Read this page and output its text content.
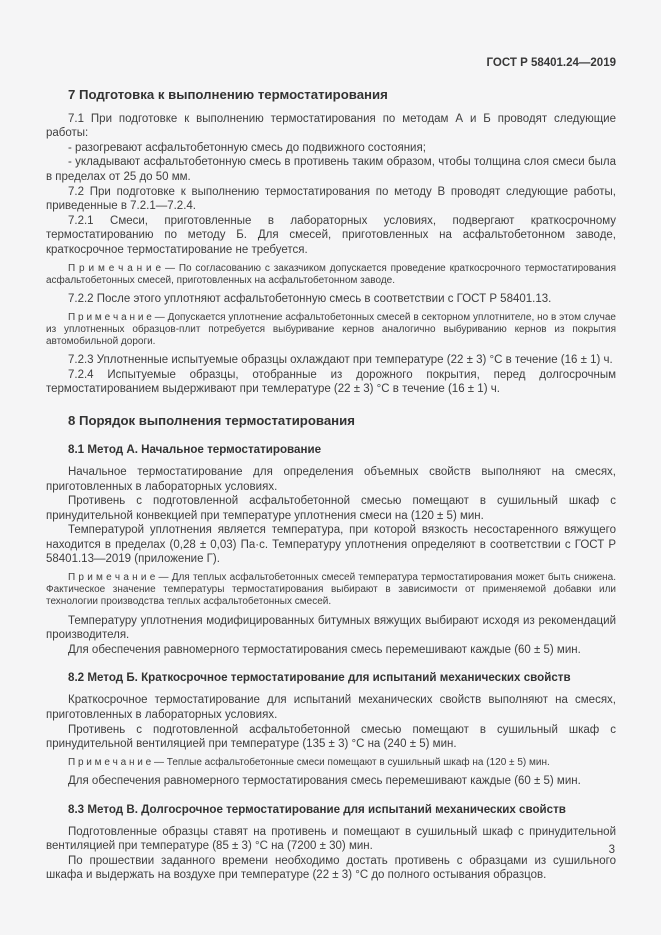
ГОСТ Р 58401.24—2019
7 Подготовка к выполнению термостатирования

7.1 При подготовке к выполнению термостатирования по методам А и Б проводят следующие работы:

- разогревают асфальтобетонную смесь до подвижного состояния;

- укладывают асфальтобетонную смесь в противень таким образом, чтобы толщина слоя смеси была в пределах от 25 до 50 мм.

7.2 При подготовке к выполнению термостатирования по методу В проводят следующие работы, приведенные в 7.2.1—7.2.4.

7.2.1 Смеси, приготовленные в лабораторных условиях, подвергают краткосрочному термостатированию по методу Б. Для смесей, приготовленных на асфальтобетонном заводе, краткосрочное термостатирование не требуется.

П р и м е ч а н и е — По согласованию с заказчиком допускается проведение краткосрочного термостатирования асфальтобетонных смесей, приготовленных на асфальтобетонном заводе.

7.2.2 После этого уплотняют асфальтобетонную смесь в соответствии с ГОСТ Р 58401.13.

П р и м е ч а н и е — Допускается уплотнение асфальтобетонных смесей в секторном уплотнителе, но в этом случае из уплотненных образцов-плит потребуется выбуривание кернов аналогично выбуриванию кернов из покрытия автомобильной дороги.

7.2.3 Уплотненные испытуемые образцы охлаждают при температуре (22 ± 3) °С в течение (16 ± 1) ч.

7.2.4 Испытуемые образцы, отобранные из дорожного покрытия, перед долгосрочным термостатированием выдерживают при темлературе (22 ± 3) °С в течение (16 ± 1) ч.

8 Порядок выполнения термостатирования
8.1 Метод А. Начальное термостатирование

Начальное термостатирование для определения объемных свойств выполняют на смесях, приготовленных в лабораторных условиях.

Противень с подготовленной асфальтобетонной смесью помещают в сушильный шкаф с принудительной конвекцией при температуре уплотнения смеси на (120 ± 5) мин.

Температурой уплотнения является температура, при которой вязкость несостаренного вяжущего находится в пределах (0,28 ± 0,03) Па·с. Температуру уплотнения определяют в соответствии с ГОСТ Р 58401.13—2019 (приложение Г).

П р и м е ч а н и е — Для теплых асфальтобетонных смесей температура термостатирования может быть снижена. Фактическое значение температуры термостатирования выбирают в зависимости от применяемой добавки или технологии производства теплых асфальтобетонных смесей.

Температуру уплотнения модифицированных битумных вяжущих выбирают исходя из рекомендаций производителя.

Для обеспечения равномерного термостатирования смесь перемешивают каждые (60 ± 5) мин.

8.2 Метод Б. Краткосрочное термостатирование для испытаний механических свойств

Краткосрочное термостатирование для испытаний механических свойств выполняют на смесях, приготовленных в лабораторных условиях.

Противень с подготовленной асфальтобетонной смесью помещают в сушильный шкаф с принудительной вентиляцией при температуре (135 ± 3) °С на (240 ± 5) мин.

П р и м е ч а н и е — Теплые асфальтобетонные смеси помещают в сушильный шкаф на (120 ± 5) мин.

Для обеспечения равномерного термостатирования смесь перемешивают каждые (60 ± 5) мин.

8.3 Метод В. Долгосрочное термостатирование для испытаний механических свойств

Подготовленные образцы ставят на противень и помещают в сушильный шкаф с принудительной вентиляцией при температуре (85 ± 3) °С на (7200 ± 30) мин.

По прошествии заданного времени необходимо достать противень с образцами из сушильного шкафа и выдержать на воздухе при температуре (22 ± 3) °С до полного остывания образцов.

3
